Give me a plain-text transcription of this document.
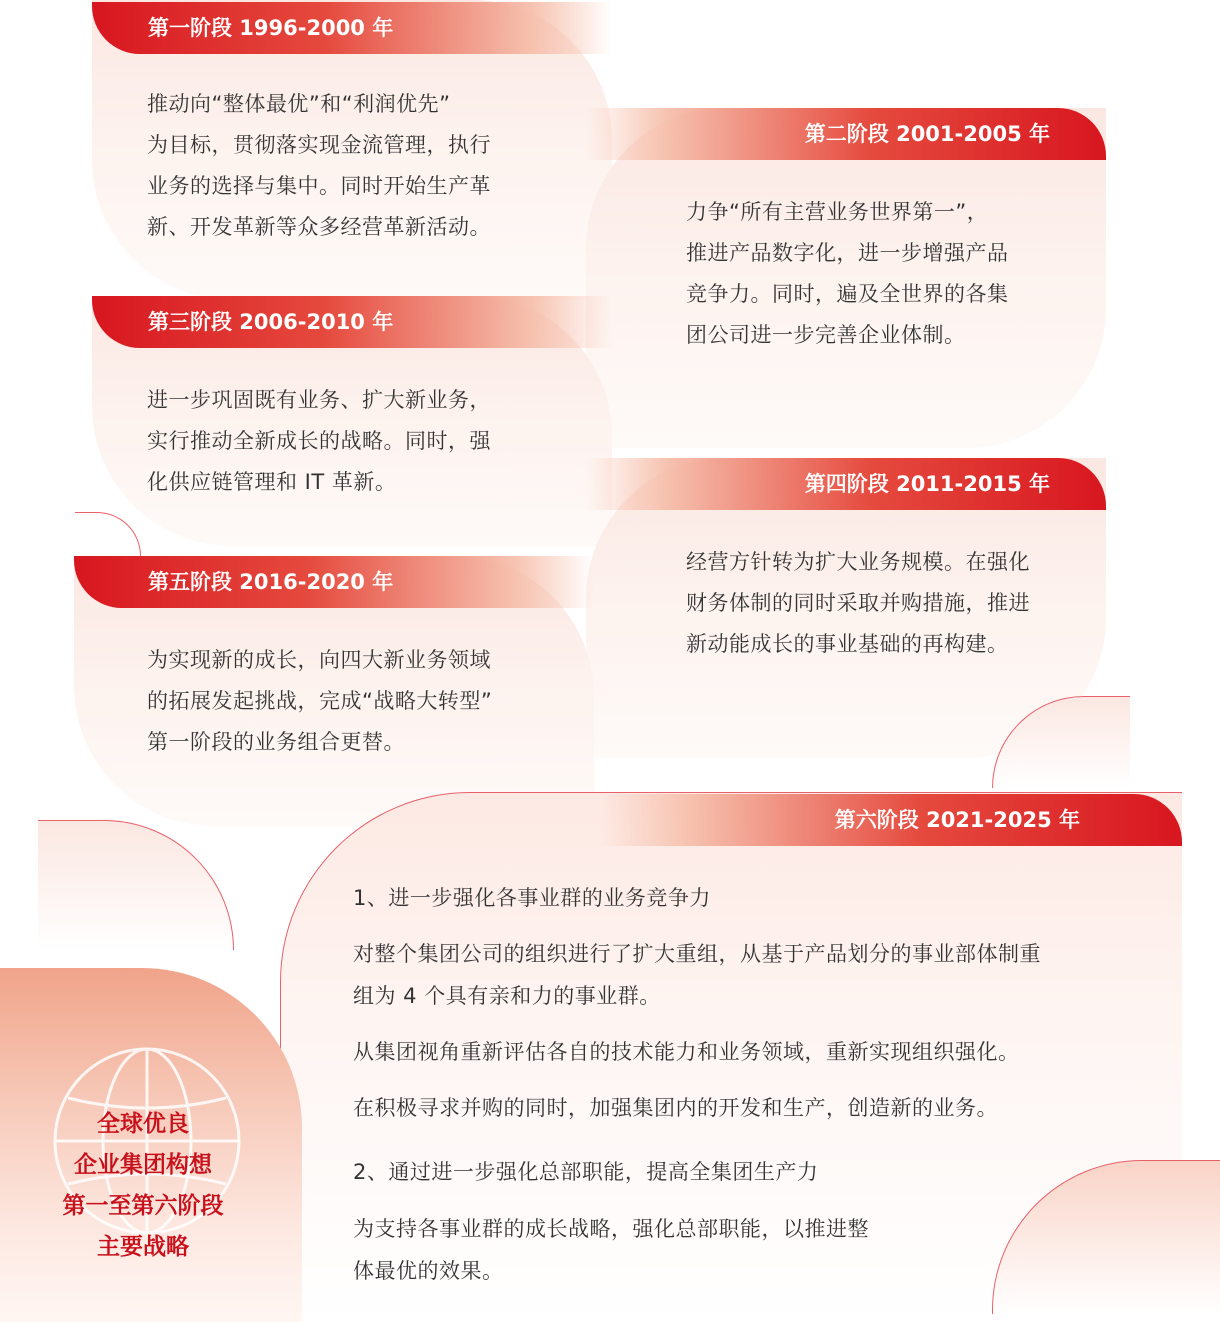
第一阶段 1996-2000 年
推动向“整体最优”和“利润优先”
为目标，贯彻落实现金流管理，执行
业务的选择与集中。同时开始生产革
新、开发革新等众多经营革新活动。
第二阶段 2001-2005 年
力争“所有主营业务世界第一”，
推进产品数字化，进一步增强产品
竞争力。同时，遍及全世界的各集
团公司进一步完善企业体制。
第三阶段 2006-2010 年
进一步巩固既有业务、扩大新业务，
实行推动全新成长的战略。同时，强
化供应链管理和 IT 革新。	第四阶段 2011-2015 年
经营方针转为扩大业务规模。在强化
财务体制的同时采取并购措施，推进
新动能成长的事业基础的再构建。
第五阶段 2016-2020 年
为实现新的成长，向四大新业务领域
的拓展发起挑战，完成“战略大转型”
第一阶段的业务组合更替。
第六阶段 2021-2025 年
1、进一步强化各事业群的业务竞争力
对整个集团公司的组织进行了扩大重组，从基于产品划分的事业部体制重
组为 4 个具有亲和力的事业群。
从集团视角重新评估各自的技术能力和业务领域，重新实现组织强化。
在积极寻求并购的同时，加强集团内的开发和生产，创造新的业务。
2、通过进一步强化总部职能，提高全集团生产力
为支持各事业群的成长战略，强化总部职能，以推进整
体最优的效果。
全球优良
企业集团构想
第一至第六阶段
主要战略
